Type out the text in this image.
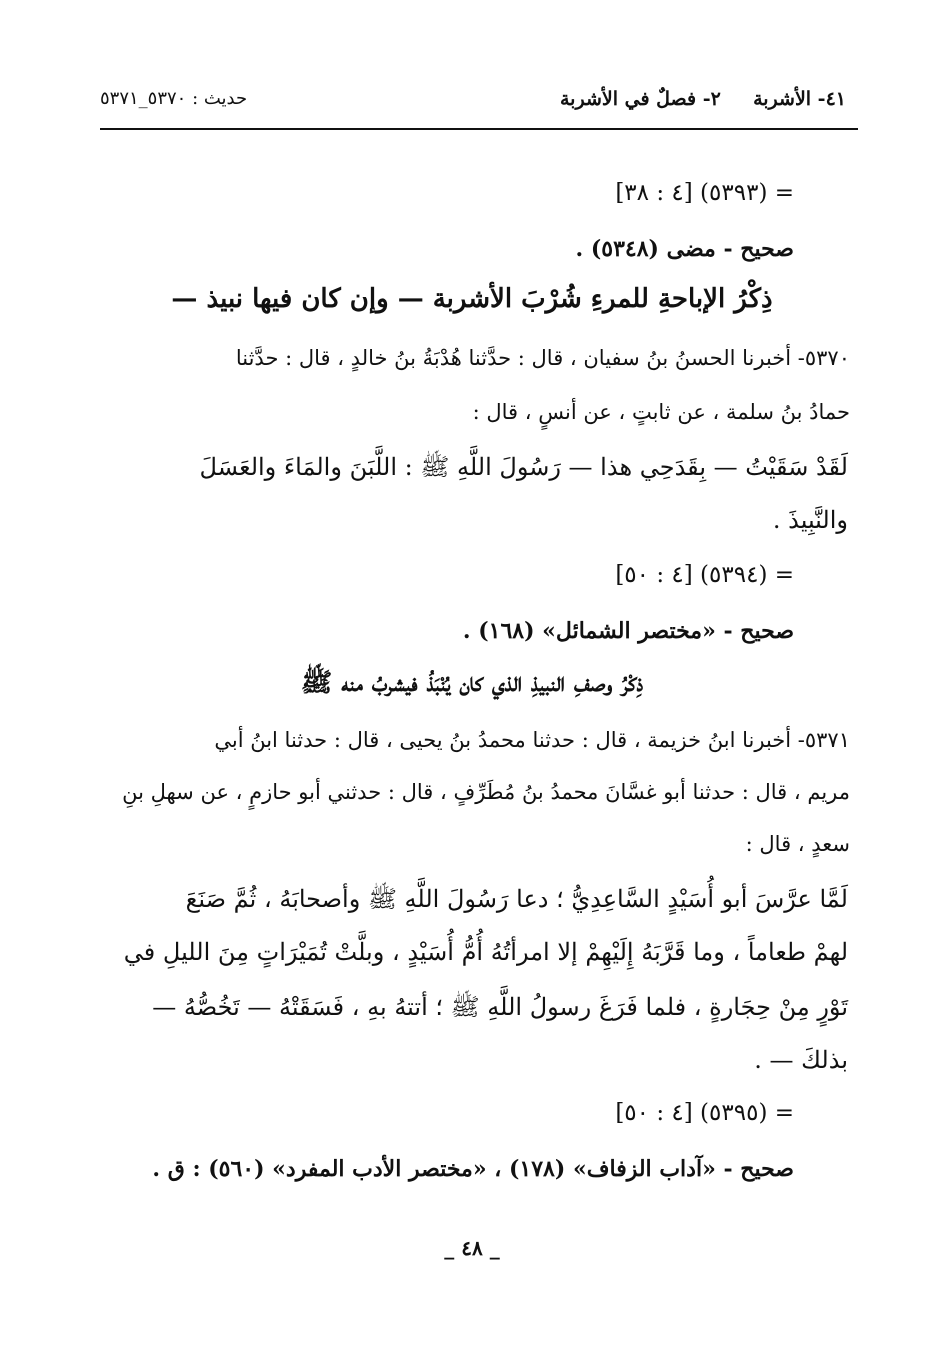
٤١- الأشربة
٢- فصلٌ في الأشربة
حديث : ٥٣٧٠_٥٣٧١
= (٥٣٩٣) [٤ : ٣٨]
صحيح - مضى (٥٣٤٨) .
ذِكْرُ الإباحةِ للمرءِ شُرْبَ الأشربة — وإن كان فيها نبيذ —
٥٣٧٠- أخبرنا الحسنُ بنُ سفيان ، قال : حدَّثنا هُدْبَةُ بنُ خالدٍ ، قال : حدَّثنا
حمادُ بنُ سلمة ، عن ثابتٍ ، عن أنسٍ ، قال :
لَقَدْ سَقَيْتُ — بِقَدَحِي هذا — رَسُولَ اللَّهِ ﷺ : اللَّبَنَ والمَاءَ والعَسَلَ
والنَّبِيذَ .
= (٥٣٩٤) [٤ : ٥٠]
صحيح - «مختصر الشمائل» (١٦٨) .
ذِكْرُ وصفِ النبيذِ الذي كان يُنْبَذُ فيشربُ منه ﷺ
٥٣٧١- أخبرنا ابنُ خزيمة ، قال : حدثنا محمدُ بنُ يحيى ، قال : حدثنا ابنُ أبي
مريم ، قال : حدثنا أبو غسَّانَ محمدُ بنُ مُطَرِّفٍ ، قال : حدثني أبو حازمٍ ، عن سهلِ بنِ
سعدٍ ، قال :
لَمَّا عرَّسَ أبو أُسَيْدٍ السَّاعِدِيُّ ؛ دعا رَسُولَ اللَّهِ ﷺ وأصحابَهُ ، ثُمَّ صَنَعَ
لهمْ طعاماً ، وما قَرَّبَهُ إِلَيْهِمْ إلا امرأتُهُ أُمُّ أُسَيْدٍ ، وبلَّتْ تُمَيْرَاتٍ مِنَ الليلِ في
تَوْرٍ مِنْ حِجَارةٍ ، فلما فَرَغَ رسولُ اللَّهِ ﷺ ؛ أتتهُ بهِ ، فَسَقَتْهُ — تَخُصُّهُ —
بذلكَ — .
= (٥٣٩٥) [٤ : ٥٠]
صحيح - «آداب الزفاف» (١٧٨) ، «مختصر الأدب المفرد» (٥٦٠) : ق .
_ ٤٨ _
